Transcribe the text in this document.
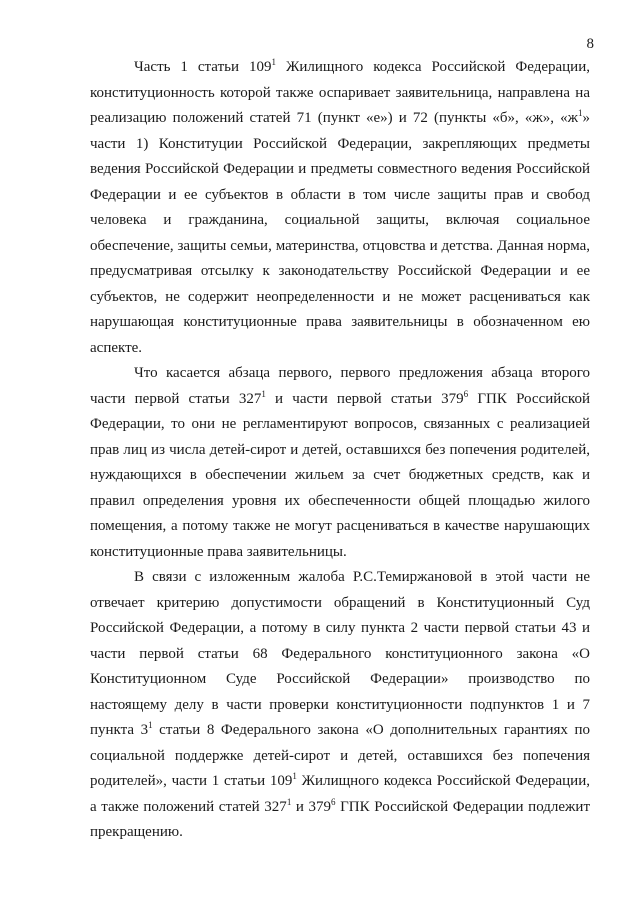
8

Часть 1 статьи $109^1$ Жилищного кодекса Российской Федерации, конституционность которой также оспаривает заявительница, направлена на реализацию положений статей 71 (пункт «е») и 72 (пункты «б», «ж», «$ж^1$» части 1) Конституции Российской Федерации, закрепляющих предметы ведения Российской Федерации и предметы совместного ведения Российской Федерации и ее субъектов в области в том числе защиты прав и свобод человека и гражданина, социальной защиты, включая социальное обеспечение, защиты семьи, материнства, отцовства и детства. Данная норма, предусматривая отсылку к законодательству Российской Федерации и ее субъектов, не содержит неопределенности и не может расцениваться как нарушающая конституционные права заявительницы в обозначенном ею аспекте.

Что касается абзаца первого, первого предложения абзаца второго части первой статьи $327^1$ и части первой статьи $379^6$ ГПК Российской Федерации, то они не регламентируют вопросов, связанных с реализацией прав лиц из числа детей-сирот и детей, оставшихся без попечения родителей, нуждающихся в обеспечении жильем за счет бюджетных средств, как и правил определения уровня их обеспеченности общей площадью жилого помещения, а потому также не могут расцениваться в качестве нарушающих конституционные права заявительницы.

В связи с изложенным жалоба Р.С.Темиржановой в этой части не отвечает критерию допустимости обращений в Конституционный Суд Российской Федерации, а потому в силу пункта 2 части первой статьи 43 и части первой статьи 68 Федерального конституционного закона «О Конституционном Суде Российской Федерации» производство по настоящему делу в части проверки конституционности подпунктов 1 и 7 пункта $3^1$ статьи 8 Федерального закона «О дополнительных гарантиях по социальной поддержке детей-сирот и детей, оставшихся без попечения родителей», части 1 статьи $109^1$ Жилищного кодекса Российской Федерации, а также положений статей $327^1$ и $379^6$ ГПК Российской Федерации подлежит прекращению.
